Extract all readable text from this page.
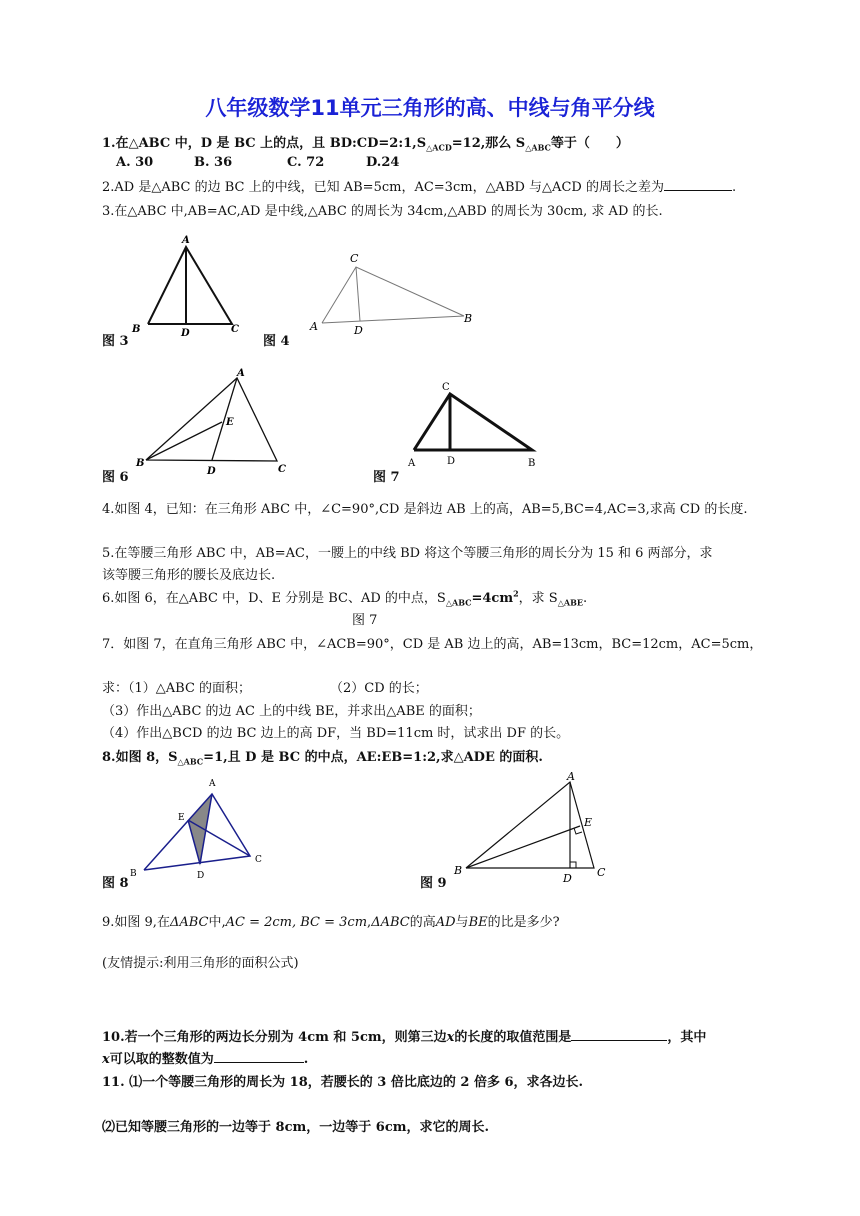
八年级数学11单元三角形的高、中线与角平分线
1.在△ABC 中，D 是 BC 上的点，且 $BD:CD=2:1,S_{\triangle ACD}=12$,那么 $S_{\triangle ABC}$等于（　　）
A. 30	B. 36	C. 72	D.24
2.AD 是△ABC 的边 BC 上的中线，已知 AB=5cm，AC=3cm，△ABD 与△ACD 的周长之差为	.
3.在△ABC 中,AB=AC,AD 是中线,△ABC 的周长为 34cm,△ABD 的周长为 30cm, 求 AD 的长.
A
B	D	C
图 3
C
A	D
B
图 4
A
E
B
D	C
图 6
C
A	D	B
图 7
4.如图 4，已知：在三角形 ABC 中，∠C=90°,CD 是斜边 AB 上的高，AB=5,BC=4,AC=3,求高 CD 的长度.
5.在等腰三角形 ABC 中，AB=AC，一腰上的中线 BD 将这个等腰三角形的周长分为 15 和 6 两部分，求
该等腰三角形的腰长及底边长.
6.如图 6，在△ABC 中，D、E 分别是 BC、AD 的中点，$S_{\triangle ABC}=4cm^2$，求 $S_{\triangle ABE}$.
图 7
7．如图 7，在直角三角形 ABC 中，∠ACB=90°，CD 是 AB 边上的高，AB=13cm，BC=12cm，AC=5cm，
求：（1）△ABC 的面积；	（2）CD 的长；
（3）作出△ABC 的边 AC 上的中线 BE，并求出△ABE 的面积；
（4）作出△BCD 的边 BC 边上的高 DF，当 BD=11cm 时，试求出 DF 的长。
8.如图 8，$S_{\triangle ABC}=1$,且 D 是 BC 的中点，AE:EB=1:2,求△ADE 的面积.
A
E
B	D
C
图 8
A
E
B
D C
图 9
9.如图 9,在ΔABC中,AC = 2cm, BC = 3cm,ΔABC的高AD与BE的比是多少?
(友情提示:利用三角形的面积公式)
10.若一个三角形的两边长分别为 4cm 和 5cm，则第三边x的长度的取值范围是	，其中
x可以取的整数值为	.
11. ⑴一个等腰三角形的周长为 18，若腰长的 3 倍比底边的 2 倍多 6，求各边长.
⑵已知等腰三角形的一边等于 8cm，一边等于 6cm，求它的周长.
